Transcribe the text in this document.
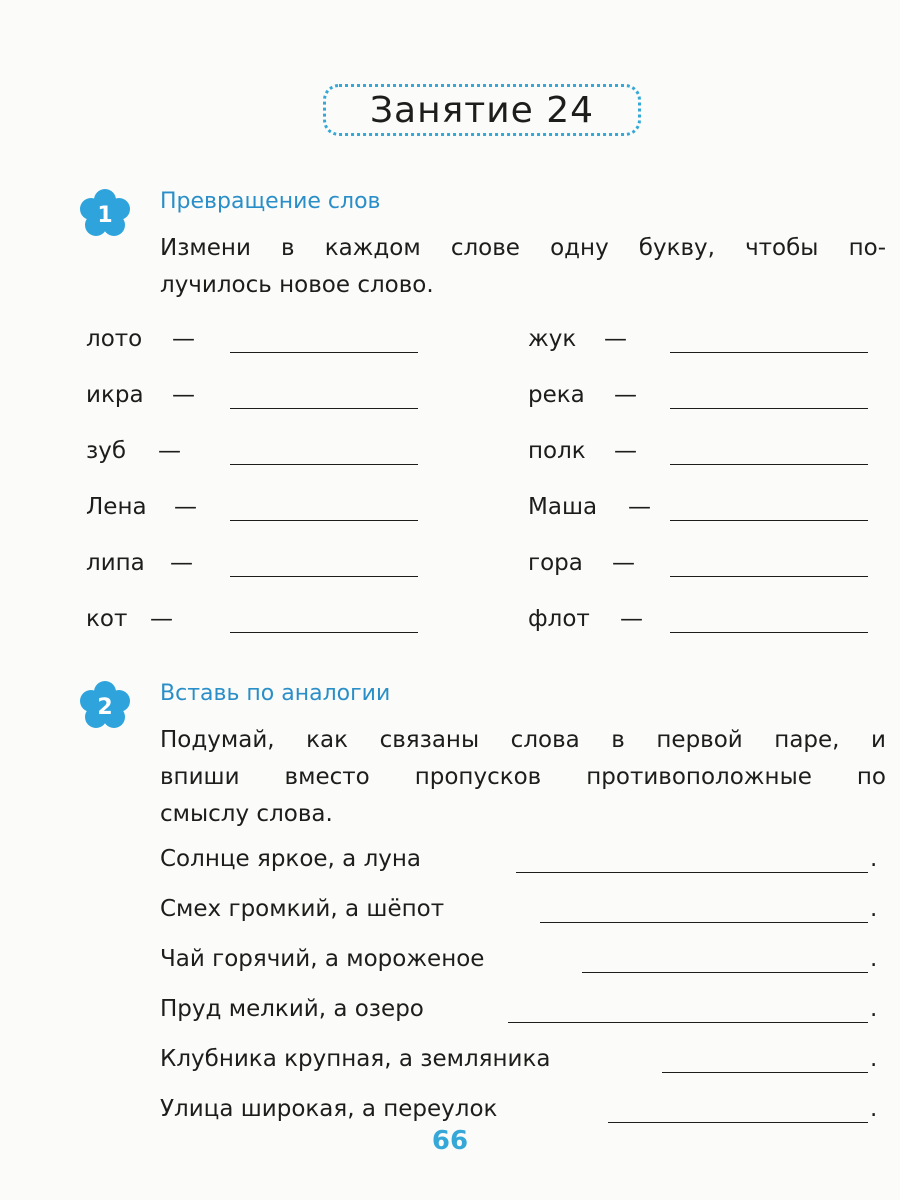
Занятие 24
1
Превращение слов
Измени в каждом слове одну букву, чтобы по-
лучилось новое слово.
лото —
икра —
зуб —
Лена —
липа —
кот —
жук —
река —
полк —
Маша —
гора —
флот —
2
Вставь по аналогии
Подумай, как связаны слова в первой паре, и
впиши вместо пропусков противоположные по
смыслу слова.
Солнце яркое, а луна	.
Смех громкий, а шёпот	.
Чай горячий, а мороженое	.
Пруд мелкий, а озеро	.
Клубника крупная, а земляника	.
Улица широкая, а переулок	.
66
